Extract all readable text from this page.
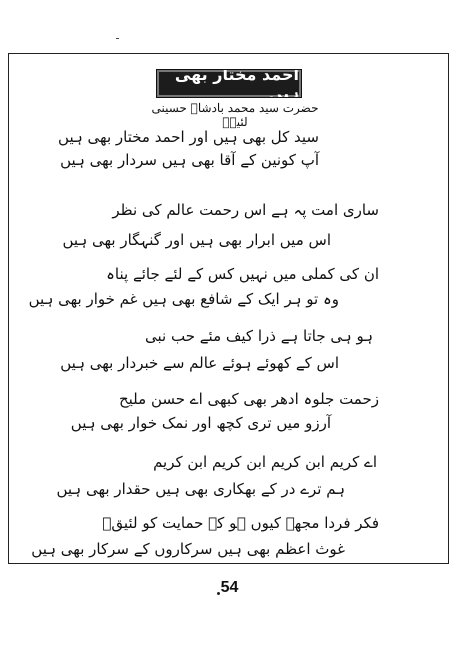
احمد مختار بھی ہیں
حضرت سید محمد بادشاہ حسینی لئیقؔ
سید کل بھی ہیں اور احمد مختار بھی ہیں
آپ کونین کے آقا بھی ہیں سردار بھی ہیں
ساری امت پہ ہے اس رحمت عالم کی نظر
اس میں ابرار بھی ہیں اور گنہگار بھی ہیں
ان کی کملی میں نہیں کس کے لئے جائے پناہ
وہ تو ہر ایک کے شافع بھی ہیں غم خوار بھی ہیں
ہو ہی جاتا ہے ذرا کیف مئے حب نبی
اس کے کھوئے ہوئے عالم سے خبردار بھی ہیں
زحمت جلوہ ادھر بھی کبھی اے حسن ملیح
آرزو میں تری کچھ اور نمک خوار بھی ہیں
اے کریم ابن کریم ابن کریم ابن کریم
ہم ترے در کے بھکاری بھی ہیں حقدار بھی ہیں
فکر فردا مجھے کیوں ہو کہ حمایت کو لئیقؔ
غوث اعظم بھی ہیں سرکاروں کے سرکار بھی ہیں
54
